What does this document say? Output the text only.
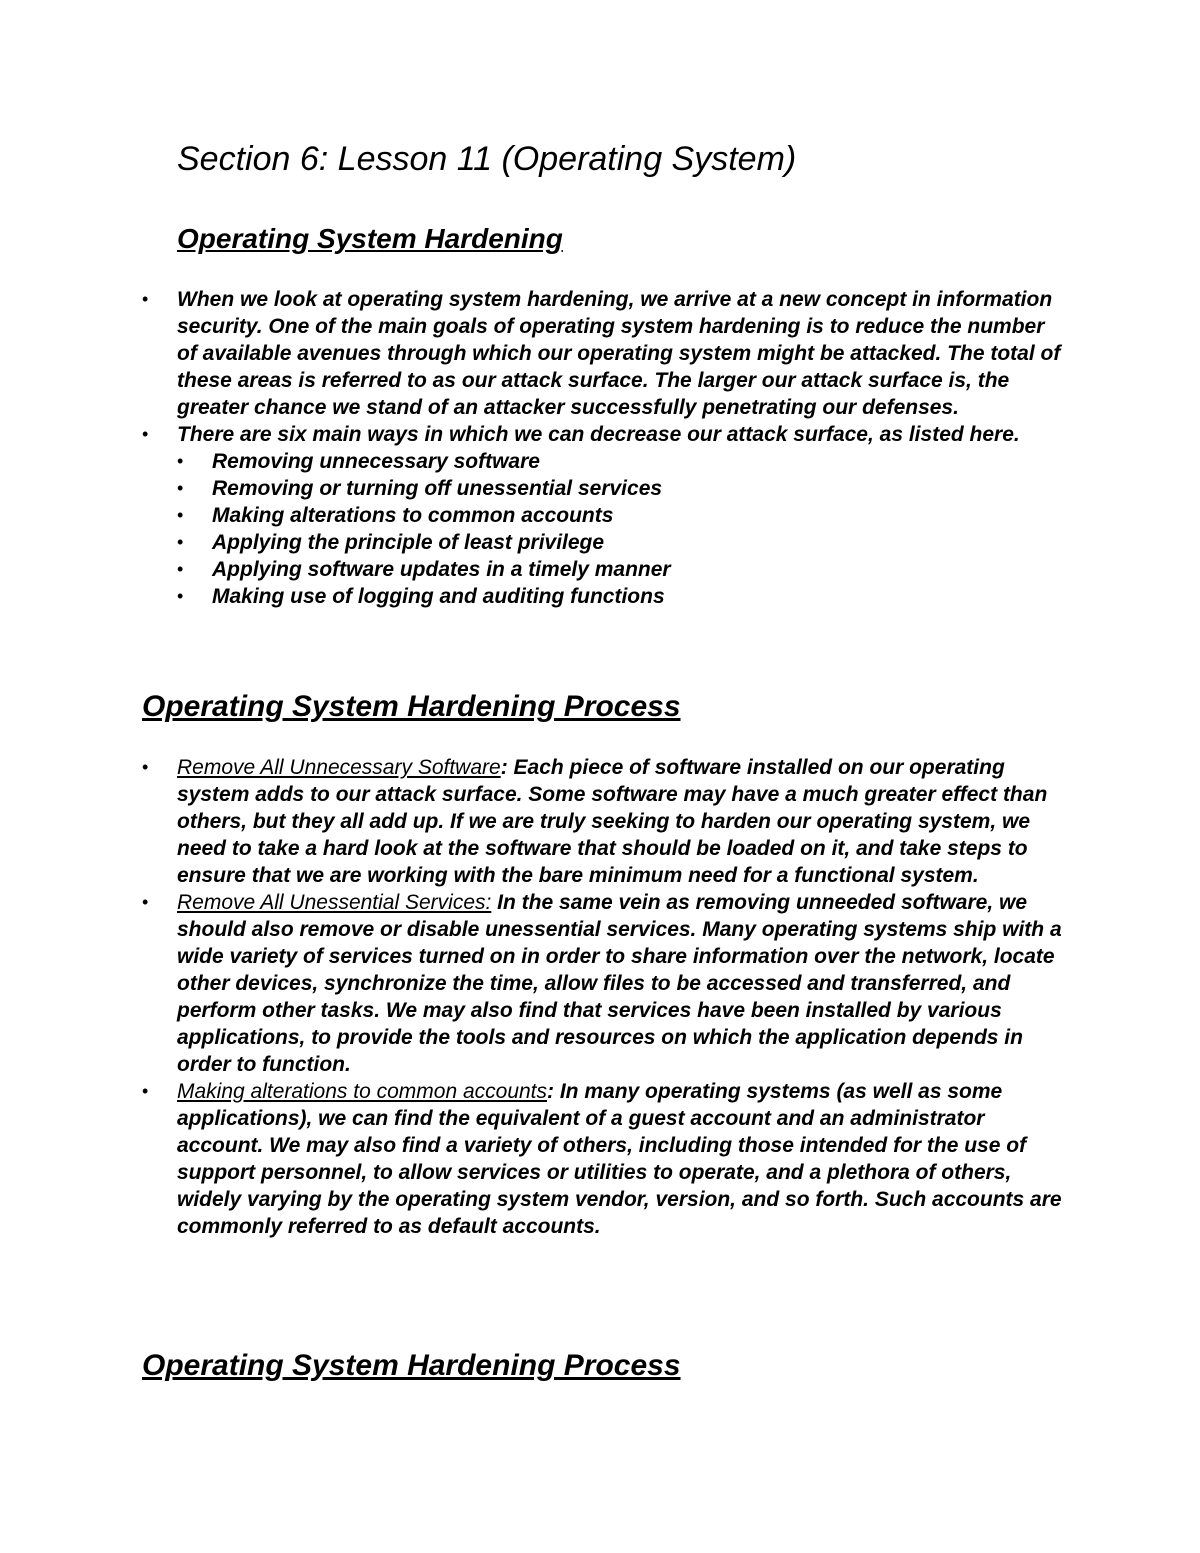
Section 6: Lesson 11 (Operating System)
Operating System Hardening
• When we look at operating system hardening, we arrive at a new concept in information security. One of the main goals of operating system hardening is to reduce the number of available avenues through which our operating system might be attacked. The total of these areas is referred to as our attack surface. The larger our attack surface is, the greater chance we stand of an attacker successfully penetrating our defenses.
• There are six main ways in which we can decrease our attack surface, as listed here.
• Removing unnecessary software
• Removing or turning off unessential services
• Making alterations to common accounts
• Applying the principle of least privilege
• Applying software updates in a timely manner
• Making use of logging and auditing functions
Operating System Hardening Process
• Remove All Unnecessary Software: Each piece of software installed on our operating system adds to our attack surface. Some software may have a much greater effect than others, but they all add up. If we are truly seeking to harden our operating system, we need to take a hard look at the software that should be loaded on it, and take steps to ensure that we are working with the bare minimum need for a functional system.
• Remove All Unessential Services: In the same vein as removing unneeded software, we should also remove or disable unessential services. Many operating systems ship with a wide variety of services turned on in order to share information over the network, locate other devices, synchronize the time, allow files to be accessed and transferred, and perform other tasks. We may also find that services have been installed by various applications, to provide the tools and resources on which the application depends in order to function.
• Making alterations to common accounts: In many operating systems (as well as some applications), we can find the equivalent of a guest account and an administrator account. We may also find a variety of others, including those intended for the use of support personnel, to allow services or utilities to operate, and a plethora of others, widely varying by the operating system vendor, version, and so forth. Such accounts are commonly referred to as default accounts.
Operating System Hardening Process
